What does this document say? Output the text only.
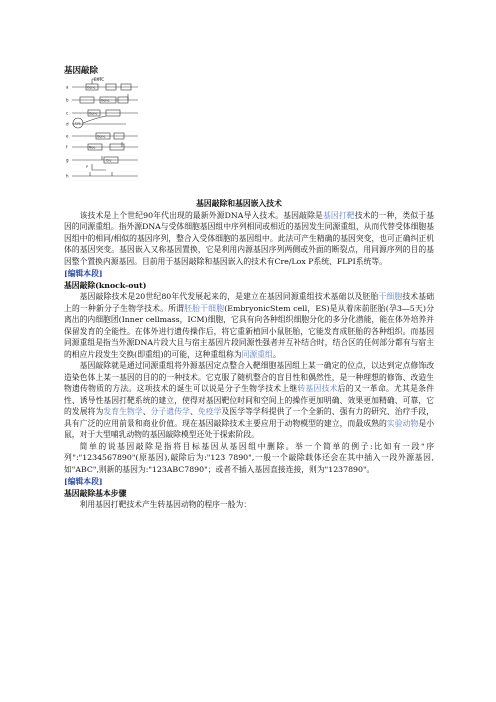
基因敲除
EXTC
a
b
c
d
e
f
g
h
Gene
Gene
Gene
Gene
Neo
Cre
Cre
P

基因敲除和基因嵌入技术

该技术是上个世纪90年代出现的最新外源DNA导入技术。基因敲除是基因打靶技术的一种，类似于基因的同源重组。指外源DNA与受体细胞基因组中序列相同或相近的基因发生同源重组，从而代替受体细胞基因组中的相同/相似的基因序列，整合入受体细胞的基因组中。此法可产生精确的基因突变，也可正确纠正机体的基因突变。基因嵌入又称基因置换，它是利用内源基因序列两侧或外面的断裂点，用同源序列的目的基因整个置换内源基因。目前用于基因敲除和基因嵌入的技术有Cre/Lox P系统、FLPI系统等。

[编辑本段]

基因敲除(knock-out)

基因敲除技术是20世纪80年代发展起来的，是建立在基因同源重组技术基础以及胚胎干细胞技术基础上的一种新分子生物学技术。所谓胚胎干细胞(EmbryonicStem cell，ES)是从着床前胚胎(孕3—5天)分离出的内细胞团(Inner cellmass，ICM)细胞，它具有向各种组织细胞分化的多分化潜能，能在体外培养并保留发育的全能性。在体外进行遗传操作后，将它重新植回小鼠胚胎，它能发育成胚胎的各种组织。而基因同源重组是指当外源DNA片段大且与宿主基因片段同源性强者并互补结合时，结合区的任何部分都有与宿主的相应片段发生交换(即重组)的可能，这种重组称为同源重组。

基因敲除就是通过同源重组将外源基因定点整合入靶细胞基因组上某一确定的位点，以达到定点修饰改造染色体上某一基因的目的的一种技术。它克服了随机整合的盲目性和偶然性，是一种理想的修饰、改造生物遗传物质的方法。这项技术的诞生可以说是分子生物学技术上继转基因技术后的又一革命。尤其是条件性、诱导性基因打靶系统的建立，使得对基因靶位时间和空间上的操作更加明确、效果更加精确、可靠，它的发展将为发育生物学、分子遗传学、免疫学及医学等学科提供了一个全新的、强有力的研究、治疗手段，具有广泛的应用前景和商业价值。现在基因敲除技术主要应用于动物模型的建立，而最成熟的实验动物是小鼠，对于大型哺乳动物的基因敲除模型还处于探索阶段。

简单的说基因敲除是指将目标基因从基因组中删除。举一个简单的例子:比如有一段"序列":"1234567890"(原基因),敲除后为:"123 7890",一般一个敲除载体还会在其中插入一段外源基因,如"ABC",则新的基因为:"123ABC7890"；或者不插入基因直接连接，则为"1237890"。

[编辑本段]

基因敲除基本步骤

利用基因打靶技术产生转基因动物的程序一般为：
